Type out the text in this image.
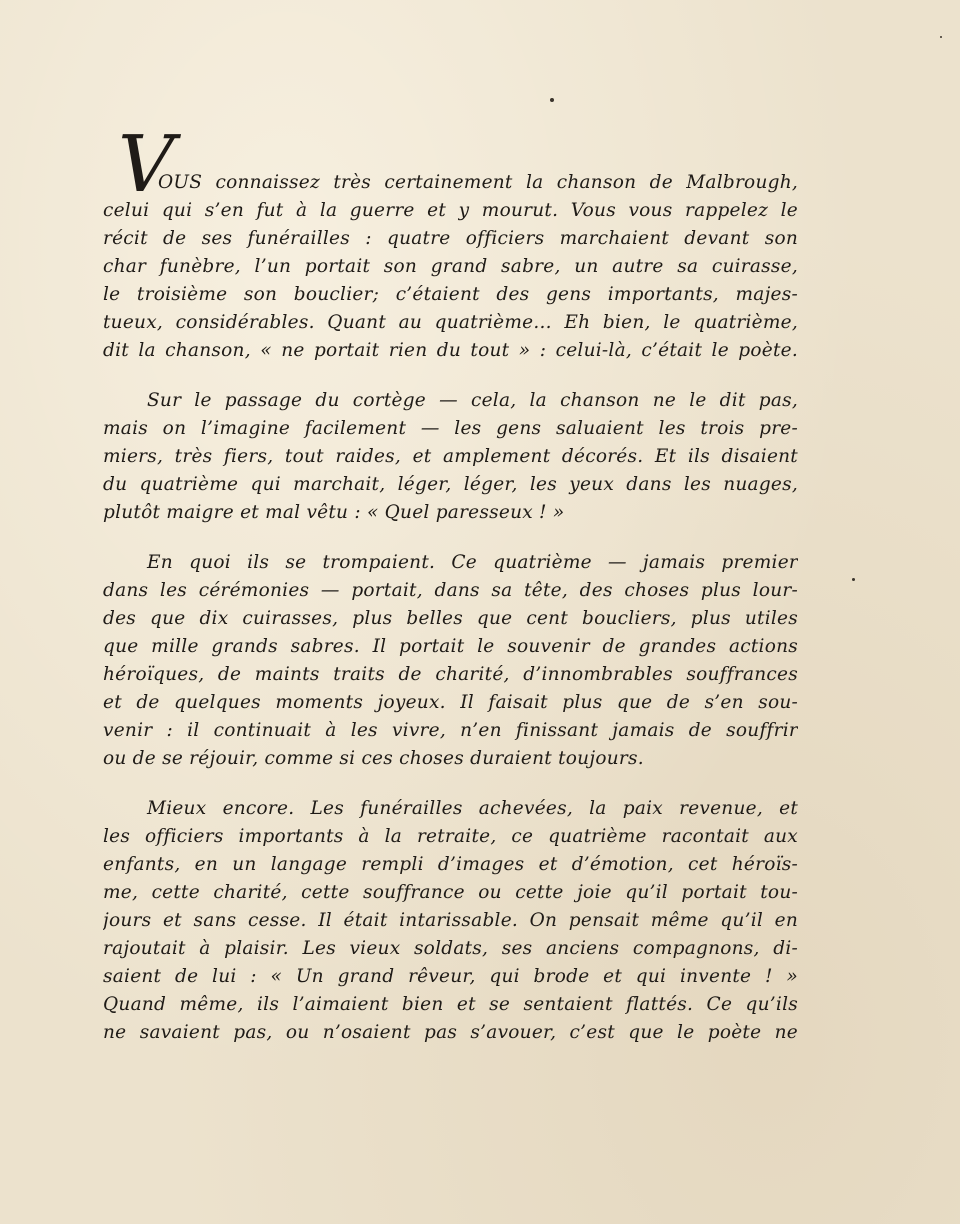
V
OUS connaissez très certainement la chanson de Malbrough,
celui qui s’en fut à la guerre et y mourut. Vous vous rappelez le
récit de ses funérailles : quatre officiers marchaient devant son
char funèbre, l’un portait son grand sabre, un autre sa cuirasse,
le troisième son bouclier; c’étaient des gens importants, majes-
tueux, considérables. Quant au quatrième... Eh bien, le quatrième,
dit la chanson, « ne portait rien du tout » : celui-là, c’était le poète.
Sur le passage du cortège — cela, la chanson ne le dit pas,
mais on l’imagine facilement — les gens saluaient les trois pre-
miers, très fiers, tout raides, et amplement décorés. Et ils disaient
du quatrième qui marchait, léger, léger, les yeux dans les nuages,
plutôt maigre et mal vêtu : « Quel paresseux ! »
En quoi ils se trompaient. Ce quatrième — jamais premier
dans les cérémonies — portait, dans sa tête, des choses plus lour-
des que dix cuirasses, plus belles que cent boucliers, plus utiles
que mille grands sabres. Il portait le souvenir de grandes actions
héroïques, de maints traits de charité, d’innombrables souffrances
et de quelques moments joyeux. Il faisait plus que de s’en sou-
venir : il continuait à les vivre, n’en finissant jamais de souffrir
ou de se réjouir, comme si ces choses duraient toujours.
Mieux encore. Les funérailles achevées, la paix revenue, et
les officiers importants à la retraite, ce quatrième racontait aux
enfants, en un langage rempli d’images et d’émotion, cet héroïs-
me, cette charité, cette souffrance ou cette joie qu’il portait tou-
jours et sans cesse. Il était intarissable. On pensait même qu’il en
rajoutait à plaisir. Les vieux soldats, ses anciens compagnons, di-
saient de lui : « Un grand rêveur, qui brode et qui invente ! »
Quand même, ils l’aimaient bien et se sentaient flattés. Ce qu’ils
ne savaient pas, ou n’osaient pas s’avouer, c’est que le poète ne
